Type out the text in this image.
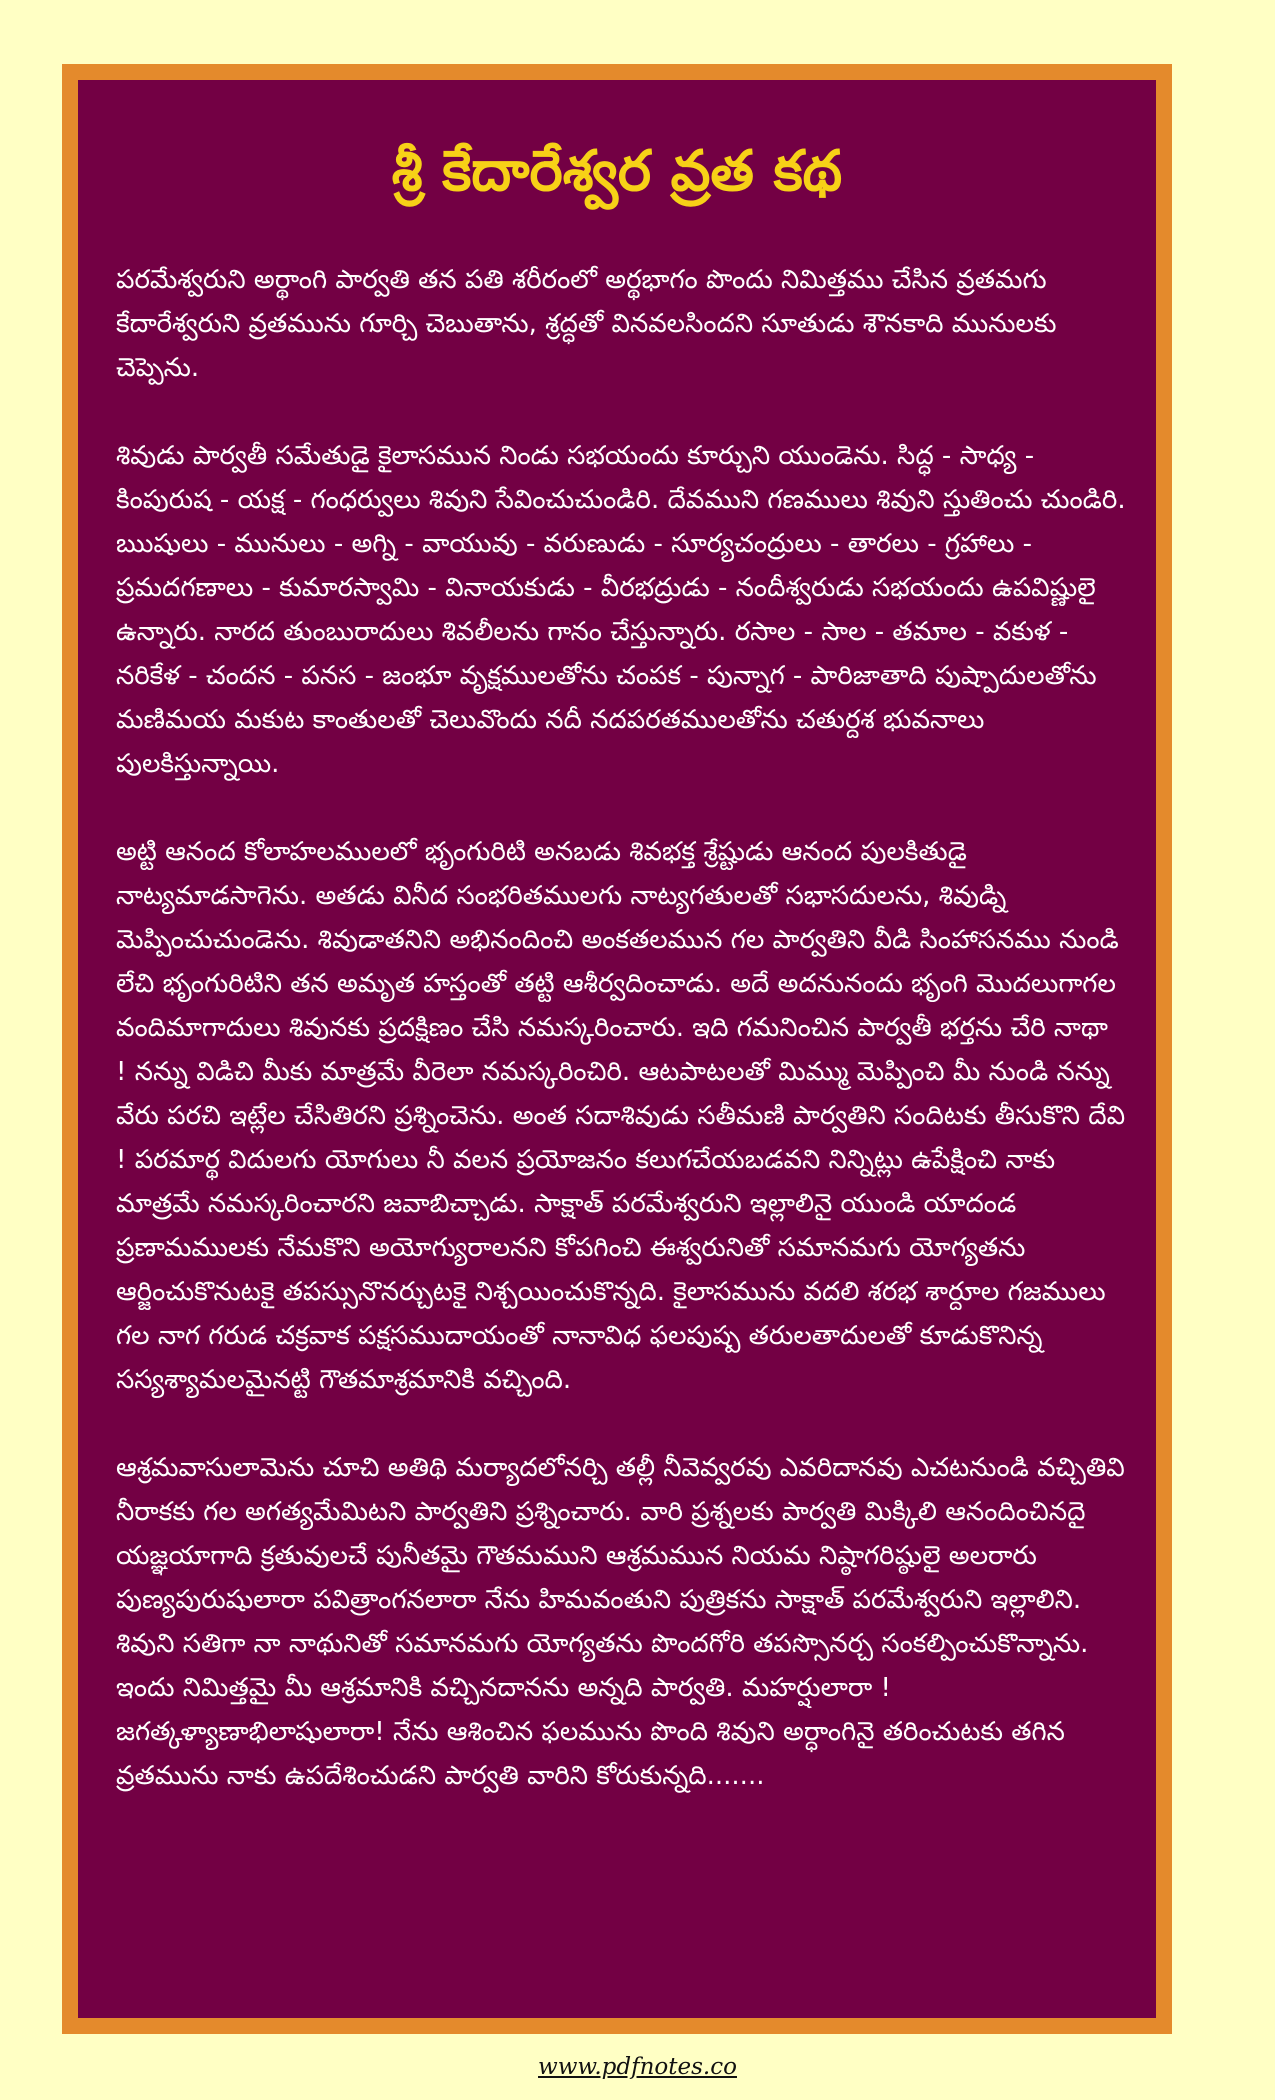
శ్రీ కేదారేశ్వర వ్రత కథ

పరమేశ్వరుని అర్థాంగి పార్వతి తన పతి శరీరంలో అర్థభాగం పొందు నిమిత్తము చేసిన వ్రతమగు కేదారేశ్వరుని వ్రతమును గూర్చి చెబుతాను, శ్రద్ధతో వినవలసిందని సూతుడు శౌనకాది మునులకు చెప్పెను.

శివుడు పార్వతీ సమేతుడై కైలాసమున నిండు సభయందు కూర్చుని యుండెను. సిద్ధ - సాధ్య - కింపురుష - యక్ష - గంధర్వులు శివుని సేవించుచుండిరి. దేవముని గణములు శివుని స్తుతించు చుండిరి. ఋషులు - మునులు - అగ్ని - వాయువు - వరుణుడు - సూర్యచంద్రులు - తారలు - గ్రహాలు - ప్రమదగణాలు - కుమారస్వామి - వినాయకుడు - వీరభద్రుడు - నందీశ్వరుడు సభయందు ఉపవిష్ణులై ఉన్నారు. నారద తుంబురాదులు శివలీలను గానం చేస్తున్నారు. రసాల - సాల - తమాల - వకుళ - నరికేళ - చందన - పనస - జంభూ వృక్షములతోను చంపక - పున్నాగ - పారిజాతాది పుష్పాదులతోను మణిమయ మకుట కాంతులతో చెలువొందు నదీ నదపరతములతోను చతుర్దశ భువనాలు పులకిస్తున్నాయి.

అట్టి ఆనంద కోలాహలములలో భృంగురిటి అనబడు శివభక్త శ్రేష్టుడు ఆనంద పులకితుడై నాట్యమాడసాగెను. అతడు వినీద సంభరితములగు నాట్యగతులతో సభాసదులను, శివుడ్ని మెప్పించుచుండెను. శివుడాతనిని అభినందించి అంకతలమున గల పార్వతిని వీడి సింహాసనము నుండి లేచి భృంగురిటిని తన అమృత హస్తంతో తట్టి ఆశీర్వదించాడు. అదే అదనునందు భృంగి మొదలుగాగల వందిమాగాదులు శివునకు ప్రదక్షిణం చేసి నమస్కరించారు. ఇది గమనించిన పార్వతీ భర్తను చేరి నాథా ! నన్ను విడిచి మీకు మాత్రమే వీరెలా నమస్కరించిరి. ఆటపాటలతో మిమ్ము మెప్పించి మీ నుండి నన్ను వేరు పరచి ఇట్లేల చేసితిరని ప్రశ్నించెను. అంత సదాశివుడు సతీమణి పార్వతిని సందిటకు తీసుకొని దేవి ! పరమార్థ విదులగు యోగులు నీ వలన ప్రయోజనం కలుగచేయబడవని నిన్నిట్లు ఉపేక్షించి నాకు మాత్రమే నమస్కరించారని జవాబిచ్చాడు. సాక్షాత్ పరమేశ్వరుని ఇల్లాలినై యుండి యాదండ ప్రణామములకు నేమకొని అయోగ్యురాలనని కోపగించి ఈశ్వరునితో సమానమగు యోగ్యతను ఆర్జించుకొనుటకై తపస్సునొనర్చుటకై నిశ్చయించుకొన్నది. కైలాసమును వదలి శరభ శార్దూల గజములు గల నాగ గరుడ చక్రవాక పక్షసముదాయంతో నానావిధ ఫలపుష్ప తరులతాదులతో కూడుకొనిన్న సస్యశ్యామలమైనట్టి గౌతమాశ్రమానికి వచ్చింది.

ఆశ్రమవాసులామెను చూచి అతిథి మర్యాదలోనర్చి తల్లీ నీవెవ్వరవు ఎవరిదానవు ఎచటనుండి వచ్చితివి నీరాకకు గల అగత్యమేమిటని పార్వతిని ప్రశ్నించారు. వారి ప్రశ్నలకు పార్వతి మిక్కిలి ఆనందించినదై యజ్ఞయాగాది క్రతువులచే పునీతమై గౌతమముని ఆశ్రమమున నియమ నిష్ఠాగరిష్ఠులై అలరారు పుణ్యపురుషులారా పవిత్రాంగనలారా నేను హిమవంతుని పుత్రికను సాక్షాత్ పరమేశ్వరుని ఇల్లాలిని. శివుని సతిగా నా నాథునితో సమానమగు యోగ్యతను పొందగోరి తపస్సొనర్చ సంకల్పించుకొన్నాను. ఇందు నిమిత్తమై మీ ఆశ్రమానికి వచ్చినదానను అన్నది పార్వతి. మహర్షులారా ! జగత్కళ్యాణాభిలాషులారా! నేను ఆశించిన ఫలమును పొంది శివుని అర్ధాంగినై తరించుటకు తగిన వ్రతమును నాకు ఉపదేశించుడని పార్వతి వారిని కోరుకున్నది.......

www.pdfnotes.co
